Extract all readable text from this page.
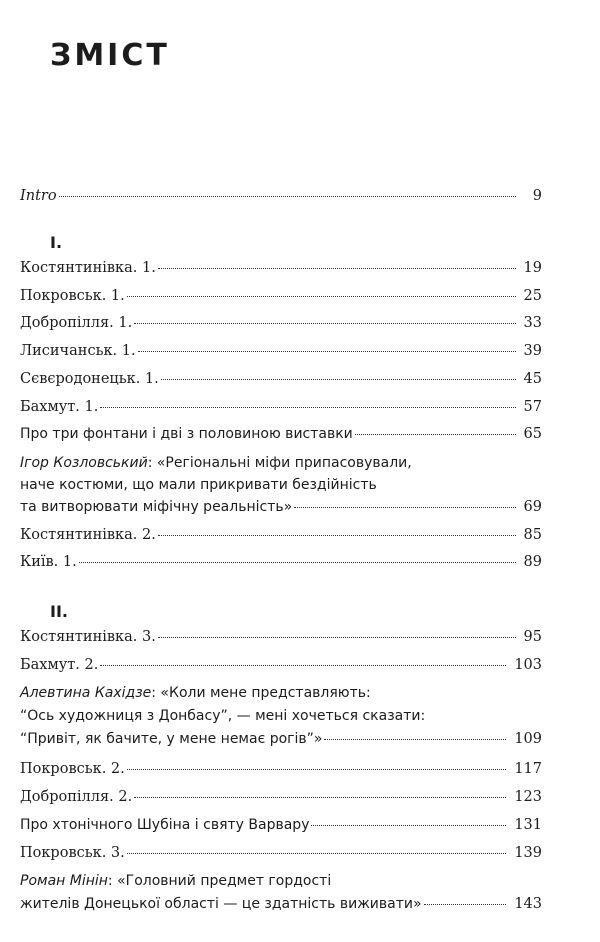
ЗМІСТ
Intro	9
I.
Костянтинівка. 1.	19
Покровськ. 1.	25
Добропілля. 1.	33
Лисичанськ. 1.	39
Сєвєродонецьк. 1.	45
Бахмут. 1.	57
Про три фонтани і дві з половиною виставки	65
Ігор Козловський: «Регіональні міфи припасовували,
наче костюми, що мали прикривати бездійність
та витворювати міфічну реальність»	69
Костянтинівка. 2.	85
Київ. 1.	89
II.
Костянтинівка. 3.	95
Бахмут. 2.	103
Алевтина Кахідзе: «Коли мене представляють:
“Ось художниця з Донбасу”, — мені хочеться сказати:
“Привіт, як бачите, у мене немає рогів”»	109
Покровськ. 2.	117
Добропілля. 2.	123
Про хтонічного Шубіна і святу Варвару	131
Покровськ. 3.	139
Роман Мінін: «Головний предмет гордості
жителів Донецької області — це здатність виживати»	143
